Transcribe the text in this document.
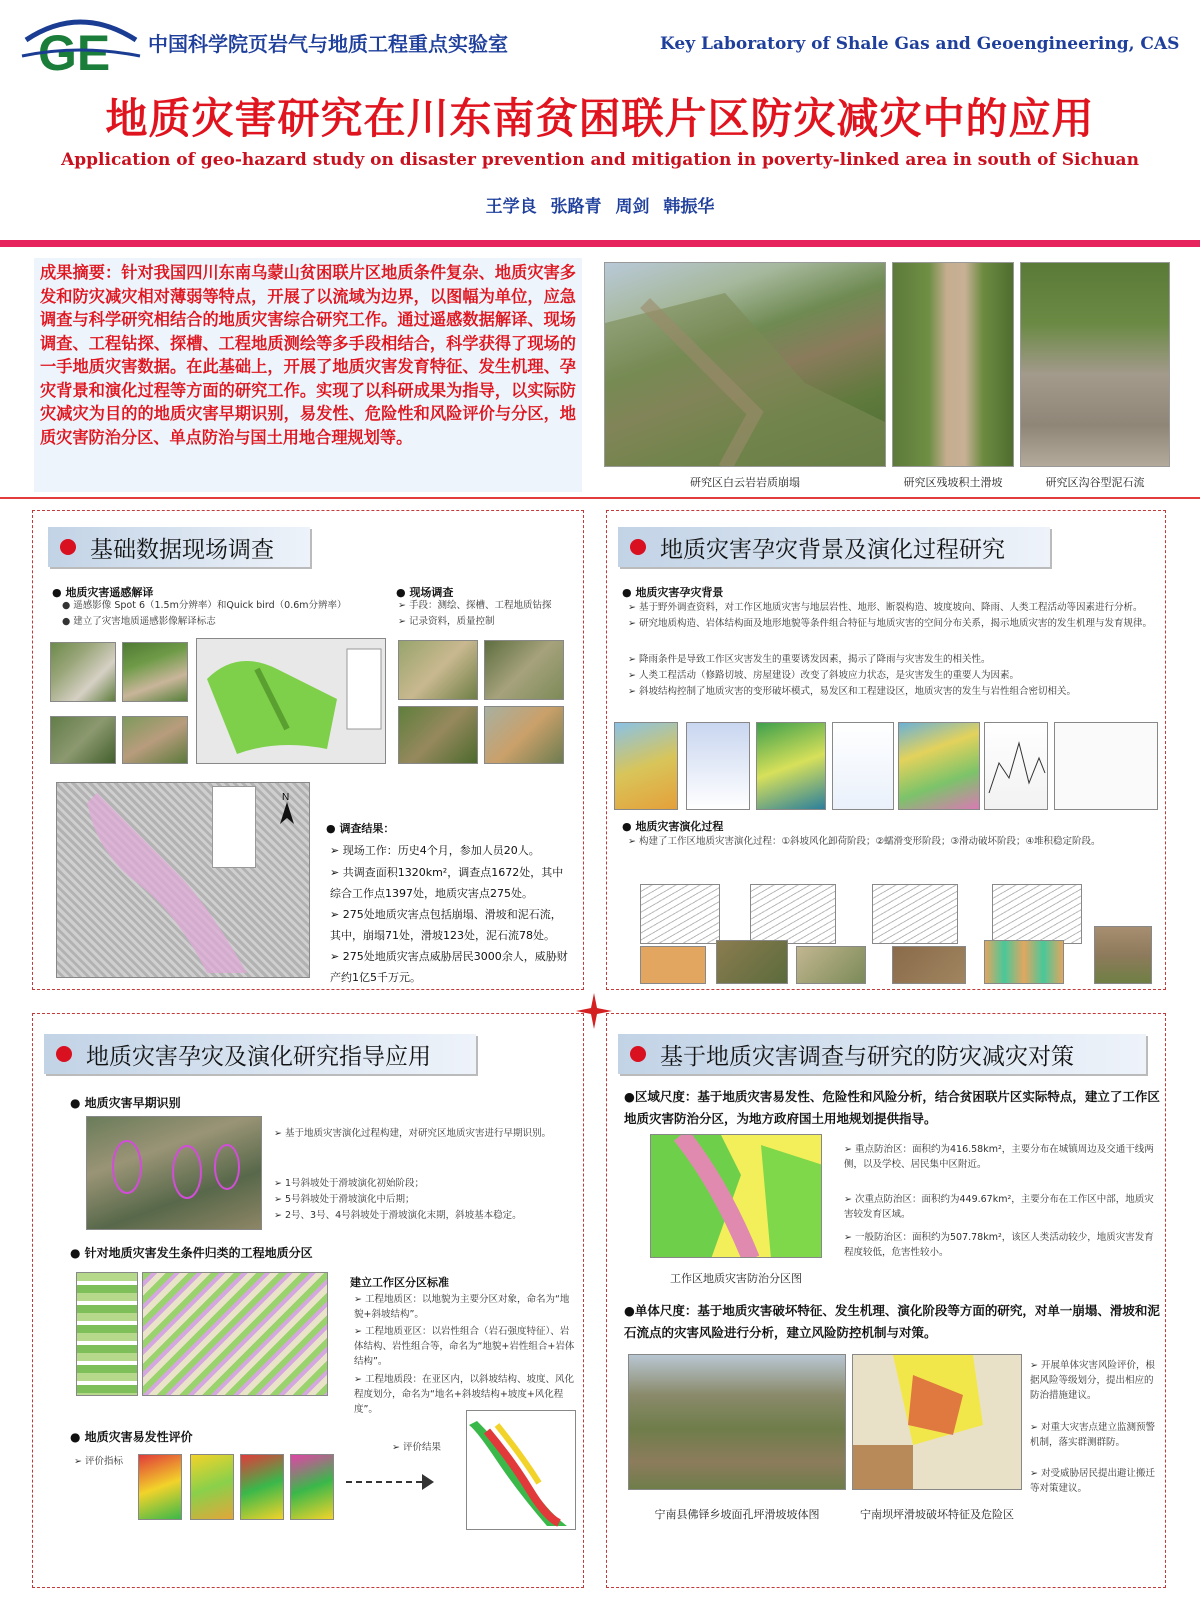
GE 中国科学院页岩气与地质工程重点实验室	Key Laboratory of Shale Gas and Geoengineering, CAS
地质灾害研究在川东南贫困联片区防灾减灾中的应用
Application of geo-hazard study on disaster prevention and mitigation in poverty-linked area in south of Sichuan
王学良 张路青 周剑 韩振华
成果摘要：针对我国四川东南乌蒙山贫困联片区地质条件复杂、地质灾害多发和防灾减灾相对薄弱等特点，开展了以流域为边界，以图幅为单位，应急调查与科学研究相结合的地质灾害综合研究工作。通过遥感数据解译、现场调查、工程钻探、探槽、工程地质测绘等多手段相结合，科学获得了现场的一手地质灾害数据。在此基础上，开展了地质灾害发育特征、发生机理、孕灾背景和演化过程等方面的研究工作。实现了以科研成果为指导，以实际防灾减灾为目的的地质灾害早期识别，易发性、危险性和风险评价与分区，地质灾害防治分区、单点防治与国土用地合理规划等。
研究区白云岩岩质崩塌	研究区残坡积土滑坡	研究区沟谷型泥石流
基础数据现场调查
● 地质灾害遥感解译
● 遥感影像 Spot 6（1.5m分辨率）和Quick bird（0.6m分辨率）
● 建立了灾害地质遥感影像解译标志
● 现场调查
➢ 手段：测绘、探槽、工程地质钻探
➢ 记录资料，质量控制
N
● 调查结果：
➢ 现场工作：历史4个月，参加人员20人。
➢ 共调查面积1320km²，调查点1672处，其中综合工作点1397处，地质灾害点275处。
➢ 275处地质灾害点包括崩塌、滑坡和泥石流，其中，崩塌71处，滑坡123处，泥石流78处。
➢ 275处地质灾害点威胁居民3000余人，威胁财产约1亿5千万元。
地质灾害孕灾背景及演化过程研究
● 地质灾害孕灾背景
➢ 基于野外调查资料，对工作区地质灾害与地层岩性、地形、断裂构造、坡度坡向、降雨、人类工程活动等因素进行分析。
➢ 研究地质构造、岩体结构面及地形地貌等条件组合特征与地质灾害的空间分布关系，揭示地质灾害的发生机理与发育规律。
➢ 降雨条件是导致工作区灾害发生的重要诱发因素，揭示了降雨与灾害发生的相关性。
➢ 人类工程活动（修路切坡、房屋建设）改变了斜坡应力状态，是灾害发生的重要人为因素。
➢ 斜坡结构控制了地质灾害的变形破坏模式，易发区和工程建设区，地质灾害的发生与岩性组合密切相关。
● 地质灾害演化过程
➢ 构建了工作区地质灾害演化过程：①斜坡风化卸荷阶段；②蠕滑变形阶段；③滑动破坏阶段；④堆积稳定阶段。
地质灾害孕灾及演化研究指导应用
● 地质灾害早期识别
➢ 基于地质灾害演化过程构建，对研究区地质灾害进行早期识别。
➢ 1号斜坡处于滑坡演化初始阶段；
➢ 5号斜坡处于滑坡演化中后期；
➢ 2号、3号、4号斜坡处于滑坡演化末期，斜坡基本稳定。
● 针对地质灾害发生条件归类的工程地质分区
建立工作区分区标准
➢ 工程地质区：以地貌为主要分区对象，命名为“地貌+斜坡结构”。
➢ 工程地质亚区：以岩性组合（岩石强度特征）、岩体结构、岩性组合等，命名为“地貌+岩性组合+岩体结构”。
➢ 工程地质段：在亚区内，以斜坡结构、坡度、风化程度划分，命名为“地名+斜坡结构+坡度+风化程度”。
● 地质灾害易发性评价
➢ 评价指标
➢ 评价结果
基于地质灾害调查与研究的防灾减灾对策
●区域尺度：基于地质灾害易发性、危险性和风险分析，结合贫困联片区实际特点，建立了工作区地质灾害防治分区，为地方政府国土用地规划提供指导。
工作区地质灾害防治分区图
➢ 重点防治区：面积约为416.58km²，主要分布在城镇周边及交通干线两侧，以及学校、居民集中区附近。
➢ 次重点防治区：面积约为449.67km²，主要分布在工作区中部，地质灾害较发育区域。
➢ 一般防治区：面积约为507.78km²，该区人类活动较少，地质灾害发育程度较低，危害性较小。
●单体尺度：基于地质灾害破坏特征、发生机理、演化阶段等方面的研究，对单一崩塌、滑坡和泥石流点的灾害风险进行分析，建立风险防控机制与对策。
宁南县佛铎乡坡面孔坪滑坡坡体图	宁南坝坪滑坡破坏特征及危险区
➢ 开展单体灾害风险评价，根据风险等级划分，提出相应的防治措施建议。
➢ 对重大灾害点建立监测预警机制，落实群测群防。
➢ 对受威胁居民提出避让搬迁等对策建议。
